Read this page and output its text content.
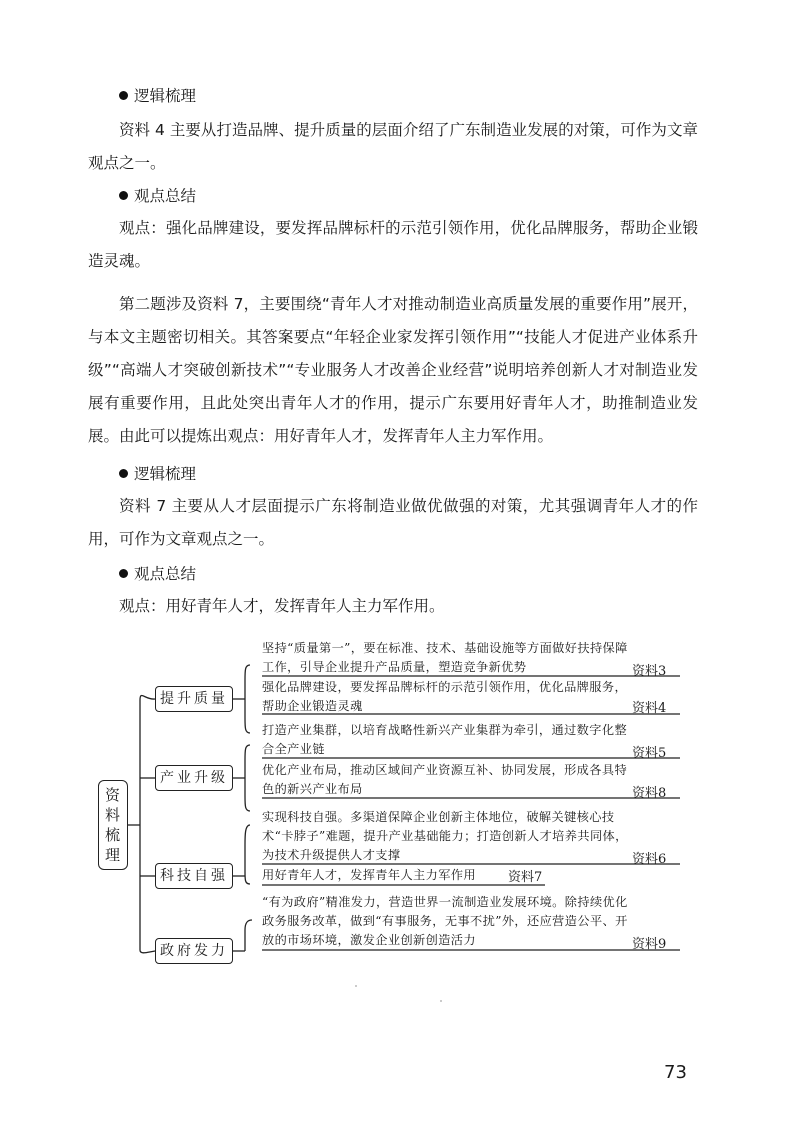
逻辑梳理

资料 4 主要从打造品牌、提升质量的层面介绍了广东制造业发展的对策，可作为文章观点之一。

观点总结

观点：强化品牌建设，要发挥品牌标杆的示范引领作用，优化品牌服务，帮助企业锻造灵魂。

第二题涉及资料 7，主要围绕“青年人才对推动制造业高质量发展的重要作用”展开，与本文主题密切相关。其答案要点“年轻企业家发挥引领作用”“技能人才促进产业体系升级”“高端人才突破创新技术”“专业服务人才改善企业经营”说明培养创新人才对制造业发展有重要作用，且此处突出青年人才的作用，提示广东要用好青年人才，助推制造业发展。由此可以提炼出观点：用好青年人才，发挥青年人主力军作用。

逻辑梳理

资料 7 主要从人才层面提示广东将制造业做优做强的对策，尤其强调青年人才的作用，可作为文章观点之一。

观点总结

观点：用好青年人才，发挥青年人主力军作用。

资料梳理
提升质量
产业升级
科技自强
政府发力
坚持“质量第一”，要在标准、技术、基础设施等方面做好扶持保障工作，引导企业提升产品质量，塑造竞争新优势	资料3
强化品牌建设，要发挥品牌标杆的示范引领作用，优化品牌服务，帮助企业锻造灵魂	资料4
打造产业集群，以培育战略性新兴产业集群为牵引，通过数字化整合全产业链	资料5
优化产业布局，推动区域间产业资源互补、协同发展，形成各具特色的新兴产业布局	资料8
实现科技自强。多渠道保障企业创新主体地位，破解关键核心技术“卡脖子”难题，提升产业基础能力；打造创新人才培养共同体，为技术升级提供人才支撑	资料6
用好青年人才，发挥青年人主力军作用	资料7
“有为政府”精准发力，营造世界一流制造业发展环境。除持续优化政务服务改革，做到“有事服务，无事不扰”外，还应营造公平、开放的市场环境，激发企业创新创造活力	资料9
73
